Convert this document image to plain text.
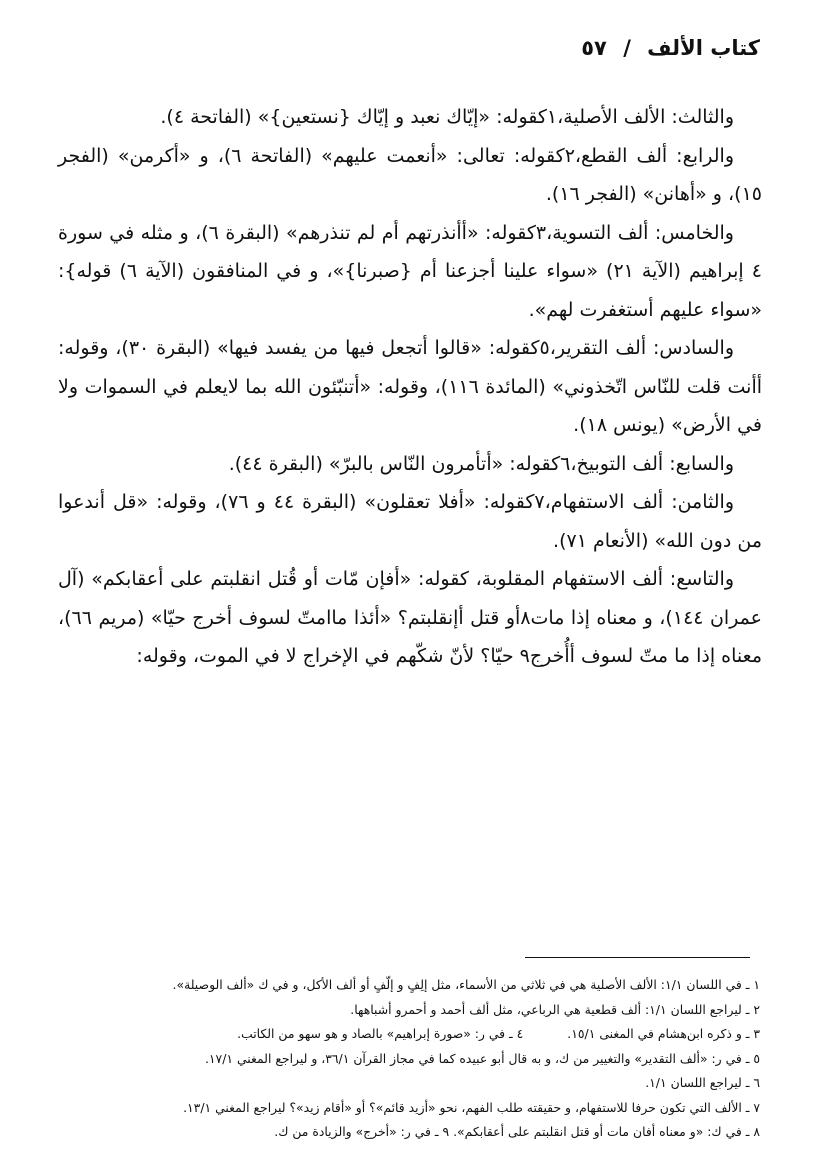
كتاب الألف / ٥٧

والثالث: الألف الأصلية،١كقوله: «إيّاك نعبد و إيّاك {نستعين}» (الفاتحة ٤).

والرابع: ألف القطع،٢كقوله: تعالى: «أنعمت عليهم» (الفاتحة ٦)، و «أكرمن» (الفجر ١٥)، و «أهانن» (الفجر ١٦).

والخامس: ألف التسوية،٣كقوله: «أأنذرتهم أم لم تنذرهم» (البقرة ٦)، و مثله في سورة ٤ إبراهيم (الآية ٢١) «سواء علينا أجزعنا أم {صبرنا}»، و في المنافقون (الآية ٦) قوله}: «سواء عليهم أستغفرت لهم».

والسادس: ألف التقرير،٥كقوله: «قالوا أتجعل فيها من يفسد فيها» (البقرة ٣٠)، وقوله: أأنت قلت للنّاس اتّخذوني» (المائدة ١١٦)، وقوله: «أتنبّئون الله بما لايعلم في السموات ولا في الأرض» (يونس ١٨).

والسابع: ألف التوبيخ،٦كقوله: «أتأمرون النّاس بالبرّ» (البقرة ٤٤).

والثامن: ألف الاستفهام،٧كقوله: «أفلا تعقلون» (البقرة ٤٤ و ٧٦)، وقوله: «قل أندعوا من دون الله» (الأنعام ٧١).

والتاسع: ألف الاستفهام المقلوبة، كقوله: «أفإن مّات أو قُتل انقلبتم على أعقابكم» (آل عمران ١٤٤)، و معناه إذا مات٨أو قتل أإنقلبتم؟ «أئذا ماامتّ لسوف أخرج حيّا» (مريم ٦٦)، معناه إذا ما متّ لسوف أأُخرج٩ حيّا؟ لأنّ شكّهم في الإخراج لا في الموت، وقوله:

١ ـ في اللسان ١/١: الألف الأصلية هي في ثلاثي من الأسماء، مثل إلِفٍ و إلّفٍ أو ألف الأكل، و في ك «ألف الوصيلة».

٢ ـ ليراجع اللسان ١/١: ألف قطعية هي الرباعي، مثل ألف أحمد و أحمرو أشباهها.

٣ ـ و ذكره ابن‌هشام في المغنى ١٥/١.٤ ـ في ر: «صورة إبراهيم» بالصاد و هو سهو من الكاتب.

٥ ـ في ر: «ألف التقدير» والتغيير من ك، و به قال أبو عبيده كما في مجاز القرآن ٣٦/١، و ليراجع المغني ١٧/١.

٦ ـ ليراجع اللسان ١/١.

٧ ـ الألف التي تكون حرفا للاستفهام، و حقيقته طلب الفهم، نحو «أزيد قائم»؟ أو «أقام زيد»؟ ليراجع المغني ١٣/١.

٨ ـ في ك: «و معناه أفان مات أو قتل انقلبتم على أعقابكم». ٩ ـ في ر: «أخرج» والزيادة من ك.
